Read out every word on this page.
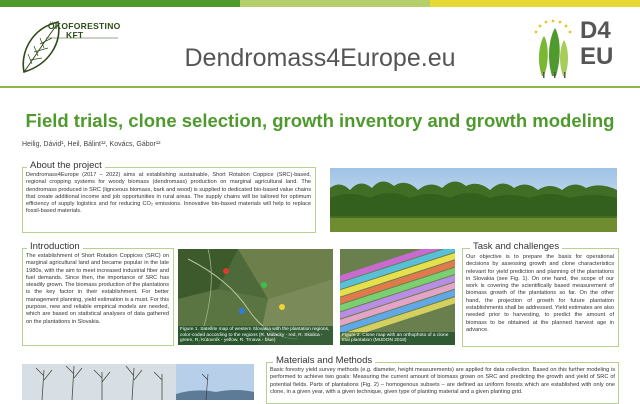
ÖKOFORESTINO
KFT
Dendromass4Europe.eu
D4
EU
Field trials, clone selection, growth inventory and growth modeling
Heilig, Dávid¹, Heil, Bálint¹², Kovács, Gábor¹²
About the project
Dendromass4Europe (2017 – 2022) aims at establishing sustainable, Short Rotation Coppice (SRC)-based, regional cropping systems for woody biomass (dendromass) production on marginal agricultural land. The dendromass produced in SRC (lignceous biomass, bark and wood) is supplied to dedicated bio-based value chains that create additional income and job opportunities in rural areas. The supply chains will be tailored for optimum efficiency of supply logistics and for reducing CO₂ emissions. Innovative bio-based materials will help to replace fossil-based materials.
Introduction
The establishment of Short Rotation Coppices (SRC) on marginal agricultural land and became popular in the late 1980s, with the aim to meet increased industrial fiber and fuel demands. Since then, the importance of SRC has steadily grown. The biomass production of the plantations is the key factor in their establishment. For better management planning, yield estimation is a must. For this purpose, new and reliable empirical models are needed, which are based on statistical analyses of data gathered on the plantations in Slovakia.
Figure 1. Satellite map of western Slovakia with the plantation regions, color-coded according to the regions (R. Malacky - red, R. Skalica - green, R. Kútovník - yellow, R. Trnava - blue)
Figure 2. Clone map with an orthophoto of a clone trial plantation (MUDON 2018)
Task and challenges
Our objective is to prepare the basis for operational decisions by assessing growth and clone characteristics relevant for yield prediction and planning of the plantations in Slovakia (see Fig. 1). On one hand, the scope of our work is covering the scientifically based measurement of biomass growth of the plantations so far. On the other hand, the projection of growth for future plantation establishments shall be addressed. Yield estimates are also needed prior to harvesting, to predict the amount of biomass to be obtained at the planned harvest age in advance.
Materials and Methods
Basic forestry yield survey methods (e.g. diameter, height measurements) are applied for data collection. Based on this further modeling is performed to achieve two goals: Measuring the current amount of biomass grown on SRC and predicting the growth and yield of SRC of potential fields. Parts of plantations (Fig. 2) – homogenous subsets – are defined as uniform forests which are established with only one clone, in a given year, with a given technique, given type of planting material and a given planting grid.
